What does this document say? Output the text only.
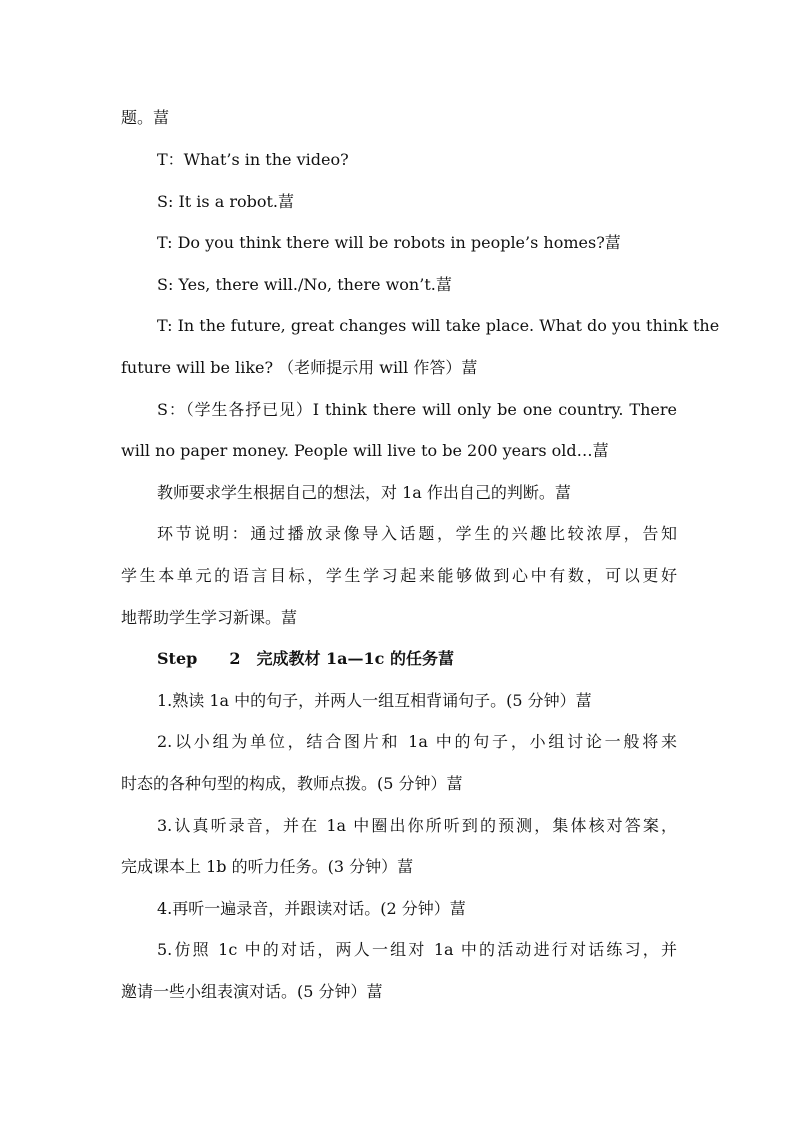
题。葍
T：What’s in the video?
S: It is a robot.葍
T: Do you think there will be robots in people’s homes?葍
S: Yes, there will./No, there won’t.葍
T: In the future, great changes will take place. What do you think the
future will be like? （老师提示用 will 作答）葍
S：（学生各抒已见）I think there will only be one country. There
will no paper money. People will live to be 200 years old…葍
教师要求学生根据自己的想法，对 1a 作出自己的判断。葍
环节说明：通过播放录像导入话题，学生的兴趣比较浓厚，告知
学生本单元的语言目标，学生学习起来能够做到心中有数，可以更好
地帮助学生学习新课。葍
Step　　2　完成教材 1a—1c 的任务葍
1.熟读 1a 中的句子，并两人一组互相背诵句子。(5 分钟）葍
2.以小组为单位，结合图片和 1a 中的句子，小组讨论一般将来
时态的各种句型的构成，教师点拨。(5 分钟）葍
3.认真听录音，并在 1a 中圈出你所听到的预测，集体核对答案，
完成课本上 1b 的听力任务。(3 分钟）葍
4.再听一遍录音，并跟读对话。(2 分钟）葍
5.仿照 1c 中的对话，两人一组对 1a 中的活动进行对话练习，并
邀请一些小组表演对话。(5 分钟）葍
